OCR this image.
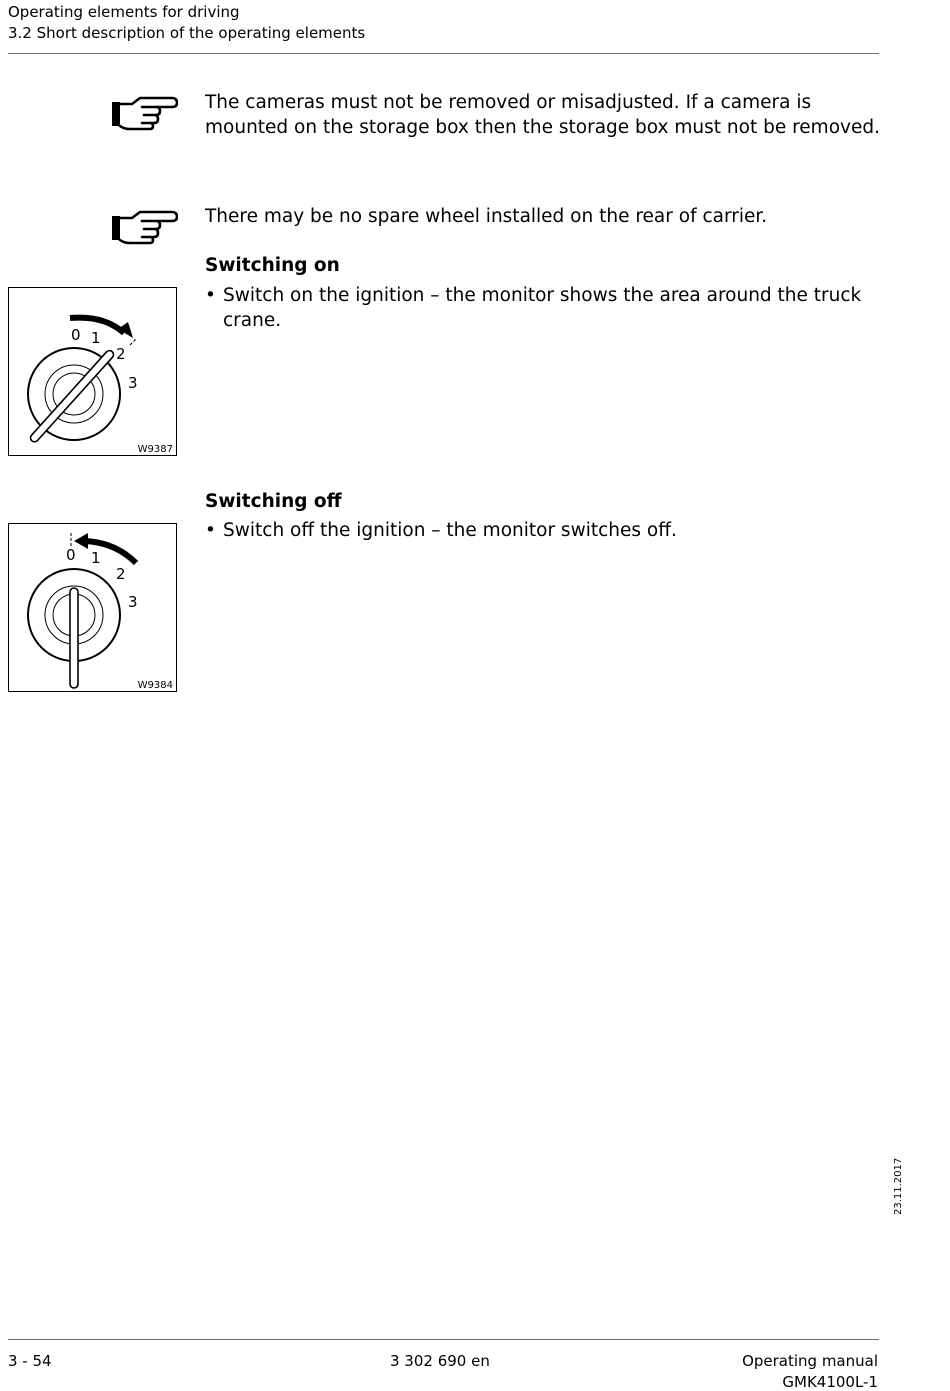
Operating elements for driving
3.2 Short description of the operating elements
The cameras must not be removed or misadjusted. If a camera is mounted on the storage box then the storage box must not be removed.
There may be no spare wheel installed on the rear of carrier.
Switching on
• Switch on the ignition – the monitor shows the area around the truck crane.
0 1
2
3
W9387
Switching off
• Switch off the ignition – the monitor switches off.
0 1
2
3
W9384
23.11.2017
3 - 54	3 302 690 en	Operating manual
GMK4100L-1
